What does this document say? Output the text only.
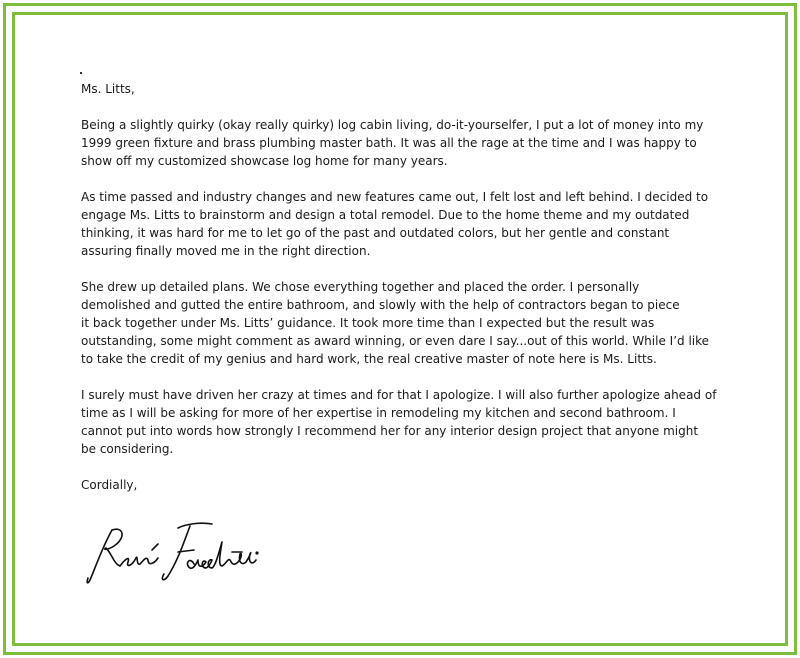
Ms. Litts,
Being a slightly quirky (okay really quirky) log cabin living, do-it-yourselfer, I put a lot of money into my
1999 green fixture and brass plumbing master bath. It was all the rage at the time and I was happy to
show off my customized showcase log home for many years.
As time passed and industry changes and new features came out, I felt lost and left behind. I decided to
engage Ms. Litts to brainstorm and design a total remodel. Due to the home theme and my outdated
thinking, it was hard for me to let go of the past and outdated colors, but her gentle and constant
assuring finally moved me in the right direction.
She drew up detailed plans. We chose everything together and placed the order. I personally
demolished and gutted the entire bathroom, and slowly with the help of contractors began to piece
it back together under Ms. Litts’ guidance. It took more time than I expected but the result was
outstanding, some might comment as award winning, or even dare I say...out of this world. While I’d like
to take the credit of my genius and hard work, the real creative master of note here is Ms. Litts.
I surely must have driven her crazy at times and for that I apologize. I will also further apologize ahead of
time as I will be asking for more of her expertise in remodeling my kitchen and second bathroom. I
cannot put into words how strongly I recommend her for any interior design project that anyone might
be considering.
Cordially,
